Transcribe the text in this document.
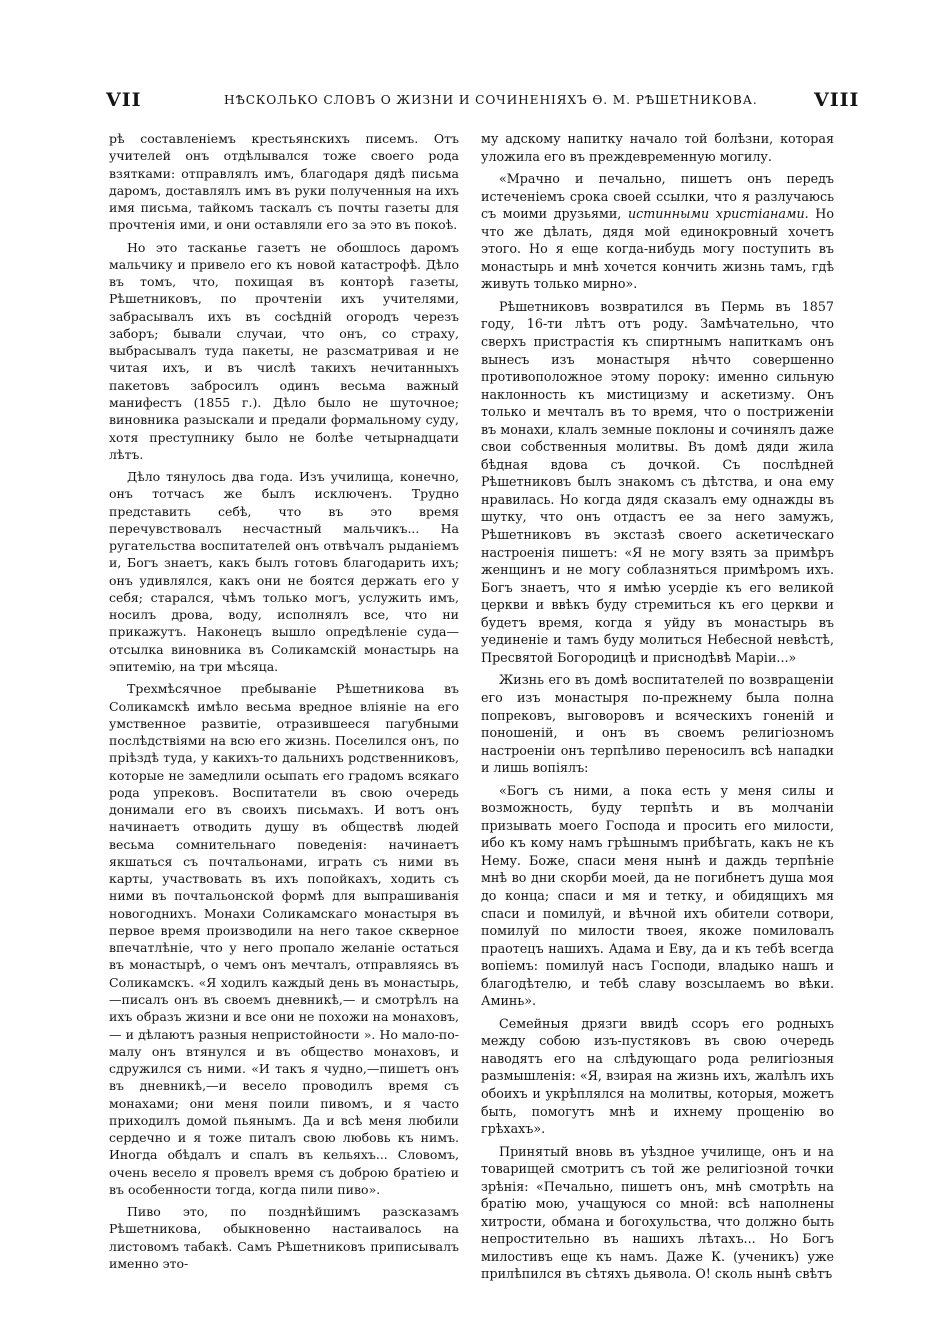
VII	НѢСКОЛЬКО СЛОВЪ О ЖИЗНИ И СОЧИНЕНІЯХЪ Ѳ. М. РѢШЕТНИКОВА.	VIII

рѣ составленіемъ крестьянскихъ писемъ. Отъ учителей онъ отдѣлывался тоже своего рода взятками: отправлялъ имъ, благодаря дядѣ письма даромъ, доставлялъ имъ въ руки полученныя на ихъ имя письма, тайкомъ таскалъ съ почты газеты для прочтенія ими, и они оставляли его за это въ покоѣ.

Но это тасканье газетъ не обошлось даромъ мальчику и привело его къ новой катастрофѣ. Дѣло въ томъ, что, похищая въ конторѣ газеты, Рѣшетниковъ, по прочтеніи ихъ учителями, забрасывалъ ихъ въ сосѣдній огородъ черезъ заборъ; бывали случаи, что онъ, со страху, выбрасывалъ туда пакеты, не разсматривая и не читая ихъ, и въ числѣ такихъ нечитанныхъ пакетовъ забросилъ одинъ весьма важный манифестъ (1855 г.). Дѣло было не шуточное; виновника разыскали и предали формальному суду, хотя преступнику было не болѣе четырнадцати лѣтъ.

Дѣло тянулось два года. Изъ училища, конечно, онъ тотчасъ же былъ исключенъ. Трудно представить себѣ, что въ это время перечувствовалъ несчастный мальчикъ... На ругательства воспитателей онъ отвѣчалъ рыданіемъ и, Богъ знаетъ, какъ былъ готовъ благодарить ихъ; онъ удивлялся, какъ они не боятся держать его у себя; старался, чѣмъ только могъ, услужить имъ, носилъ дрова, воду, исполнялъ все, что ни прикажутъ. Наконецъ вышло опредѣленіе суда—отсылка виновника въ Соликамскій монастырь на эпитемію, на три мѣсяца.

Трехмѣсячное пребываніе Рѣшетникова въ Соликамскѣ имѣло весьма вредное вліяніе на его умственное развитіе, отразившееся пагубными послѣдствіями на всю его жизнь. Поселился онъ, по пріѣздѣ туда, у какихъ-то дальнихъ родственниковъ, которые не замедлили осыпать его градомъ всякаго рода упрековъ. Воспитатели въ свою очередь донимали его въ своихъ письмахъ. И вотъ онъ начинаетъ отводить душу въ обществѣ людей весьма сомнительнаго поведенія: начинаетъ якшаться съ почтальонами, играть съ ними въ карты, участвовать въ ихъ попойкахъ, ходить съ ними въ почтальонской формѣ для выпрашиванія новогоднихъ. Монахи Соликамскаго монастыря въ первое время производили на него такое скверное впечатлѣніе, что у него пропало желаніе остаться въ монастырѣ, о чемъ онъ мечталъ, отправляясь въ Соликамскъ. «Я ходилъ каждый день въ монастырь,—писалъ онъ въ своемъ дневникѣ,— и смотрѣлъ на ихъ образъ жизни и все они не похожи на монаховъ,— и дѣлаютъ разныя непристойности ». Но мало-по-малу онъ втянулся и въ общество монаховъ, и сдружился съ ними. «И такъ я чудно,—пишетъ онъ въ дневникѣ,—и весело проводилъ время съ монахами; они меня поили пивомъ, и я часто приходилъ домой пьянымъ. Да и всѣ меня любили сердечно и я тоже питалъ свою любовь къ нимъ. Иногда обѣдалъ и спалъ въ кельяхъ... Словомъ, очень весело я провелъ время съ доброю братіею и въ особенности тогда, когда пили пиво».

Пиво это, по позднѣйшимъ разсказамъ Рѣшетникова, обыкновенно настаивалось на листовомъ табакѣ. Самъ Рѣшетниковъ приписывалъ именно это-

му адскому напитку начало той болѣзни, которая уложила его въ преждевременную могилу.

«Мрачно и печально, пишетъ онъ передъ истеченіемъ срока своей ссылки, что я разлучаюсь съ моими друзьями, истинными христіанами. Но что же дѣлать, дядя мой единокровный хочетъ этого. Но я еще когда-нибудь могу поступить въ монастырь и мнѣ хочется кончить жизнь тамъ, гдѣ живуть только мирно».

Рѣшетниковъ возвратился въ Пермь въ 1857 году, 16-ти лѣтъ отъ роду. Замѣчательно, что сверхъ пристрастія къ спиртнымъ напиткамъ онъ вынесъ изъ монастыря нѣчто совершенно противоположное этому пороку: именно сильную наклонность къ мистицизму и аскетизму. Онъ только и мечталъ въ то время, что о постриженіи въ монахи, клалъ земные поклоны и сочинялъ даже свои собственныя молитвы. Въ домѣ дяди жила бѣдная вдова съ дочкой. Съ послѣдней Рѣшетниковъ былъ знакомъ съ дѣтства, и она ему нравилась. Но когда дядя сказалъ ему однажды въ шутку, что онъ отдастъ ее за него замужъ, Рѣшетниковъ въ экстазѣ своего аскетическаго настроенія пишетъ: «Я не могу взять за примѣръ женщинъ и не могу соблазняться примѣромъ ихъ. Богъ знаетъ, что я имѣю усердіе къ его великой церкви и ввѣкъ буду стремиться къ его церкви и будетъ время, когда я уйду въ монастырь въ уединеніе и тамъ буду молиться Небесной невѣстѣ, Пресвятой Богородицѣ и приснодѣвѣ Маріи...»

Жизнь его въ домѣ воспитателей по возвращеніи его изъ монастыря по-прежнему была полна попрековъ, выговоровъ и всяческихъ гоненій и поношеній, и онъ въ своемъ религіозномъ настроеніи онъ терпѣливо переносилъ всѣ нападки и лишь вопіялъ:

«Богъ съ ними, а пока есть у меня силы и возможность, буду терпѣть и въ молчаніи призывать моего Господа и просить его милости, ибо къ кому намъ грѣшнымъ прибѣгать, какъ не къ Нему. Боже, спаси меня нынѣ и даждь терпѣніе мнѣ во дни скорби моей, да не погибнетъ душа моя до конца; спаси и мя и тетку, и обидящихъ мя спаси и помилуй, и вѣчной ихъ обители сотвори, помилуй по милости твоея, якоже помиловалъ праотецъ нашихъ. Адама и Еву, да и къ тебѣ всегда вопіемъ: помилуй насъ Господи, владыко нашъ и благодѣтелю, и тебѣ славу возсылаемъ во вѣки. Аминь».

Семейныя дрязги ввидѣ ссоръ его родныхъ между собою изъ-пустяковъ въ свою очередь наводятъ его на слѣдующаго рода религіозныя размышленія: «Я, взирая на жизнь ихъ, жалѣлъ ихъ обоихъ и укрѣплялся на молитвы, которыя, можетъ быть, помогутъ мнѣ и ихнему прощенію во грѣхахъ».

Принятый вновь въ уѣздное училище, онъ и на товарищей смотритъ съ той же религіозной точки зрѣнія: «Печально, пишетъ онъ, мнѣ смотрѣть на братію мою, учащуюся со мной: всѣ наполнены хитрости, обмана и богохульства, что должно быть непростительно въ нашихъ лѣтахъ... Но Богъ милостивъ еще къ намъ. Даже К. (ученикъ) уже прилѣпился въ сѣтяхъ дьявола. О! сколь нынѣ свѣтъ
